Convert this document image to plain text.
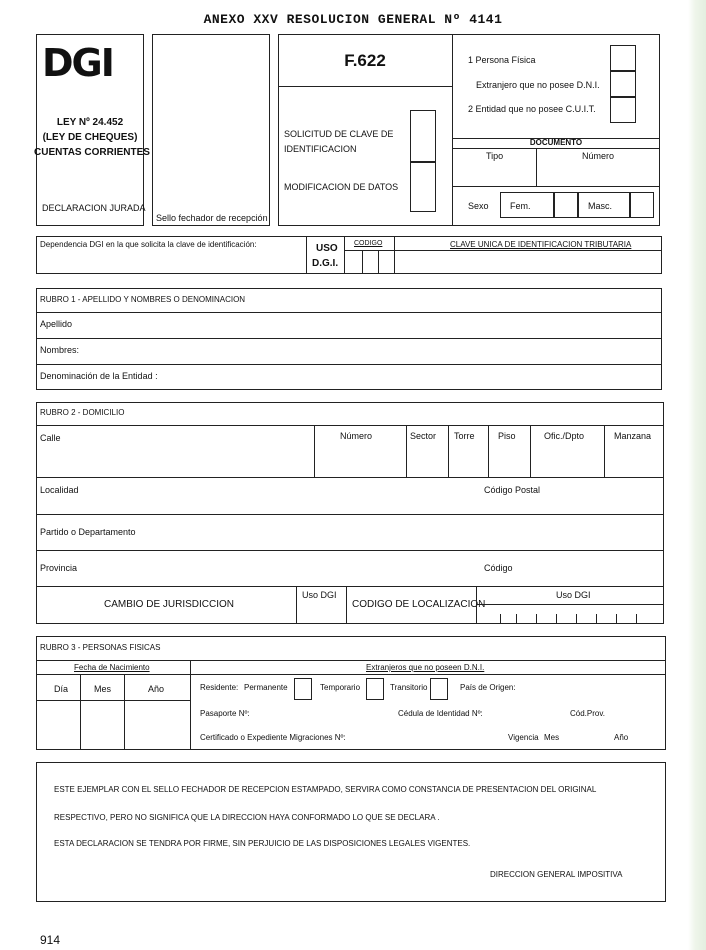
ANEXO XXV RESOLUCION GENERAL Nº 4141
DGI
LEY Nº 24.452
(LEY DE CHEQUES)
CUENTAS CORRIENTES
DECLARACION JURADA
Sello fechador de recepción
F.622
SOLICITUD DE CLAVE DE
IDENTIFICACION
MODIFICACION DE DATOS
1 Persona Física
Extranjero que no posee D.N.I.
2 Entidad que no posee C.U.I.T.
DOCUMENTO
Tipo	Número
Sexo Fem.	Masc.
Dependencia DGI en la que solicita la clave de identificación:	USO
D.G.I.
CODIGO	CLAVE UNICA DE IDENTIFICACION TRIBUTARIA
RUBRO 1 - APELLIDO Y NOMBRES O DENOMINACION
Apellido
Nombres:
Denominación de la Entidad :
RUBRO 2 - DOMICILIO
Calle	Número	Sector Torre	Piso	Ofic./Dpto	Manzana
Localidad	Código Postal
Partido o Departamento
Provincia	Código
CAMBIO DE JURISDICCION
Uso DGI
CODIGO DE LOCALIZACION
Uso DGI
RUBRO 3 - PERSONAS FISICAS
Fecha de Nacimiento
Día	Mes	Año
Extranjeros que no poseen D.N.I.
Residente: Permanente	Temporario	Transitorio	País de Origen:
Pasaporte Nº:	Cédula de Identidad Nº:	Cód.Prov.
Certificado o Expediente Migraciones Nº:	Vigencia Mes	Año
ESTE EJEMPLAR CON EL SELLO FECHADOR DE RECEPCION ESTAMPADO, SERVIRA COMO CONSTANCIA DE PRESENTACION DEL ORIGINAL
RESPECTIVO, PERO NO SIGNIFICA QUE LA DIRECCION HAYA CONFORMADO LO QUE SE DECLARA .
ESTA DECLARACION SE TENDRA POR FIRME, SIN PERJUICIO DE LAS DISPOSICIONES LEGALES VIGENTES.
DIRECCION GENERAL IMPOSITIVA
914
